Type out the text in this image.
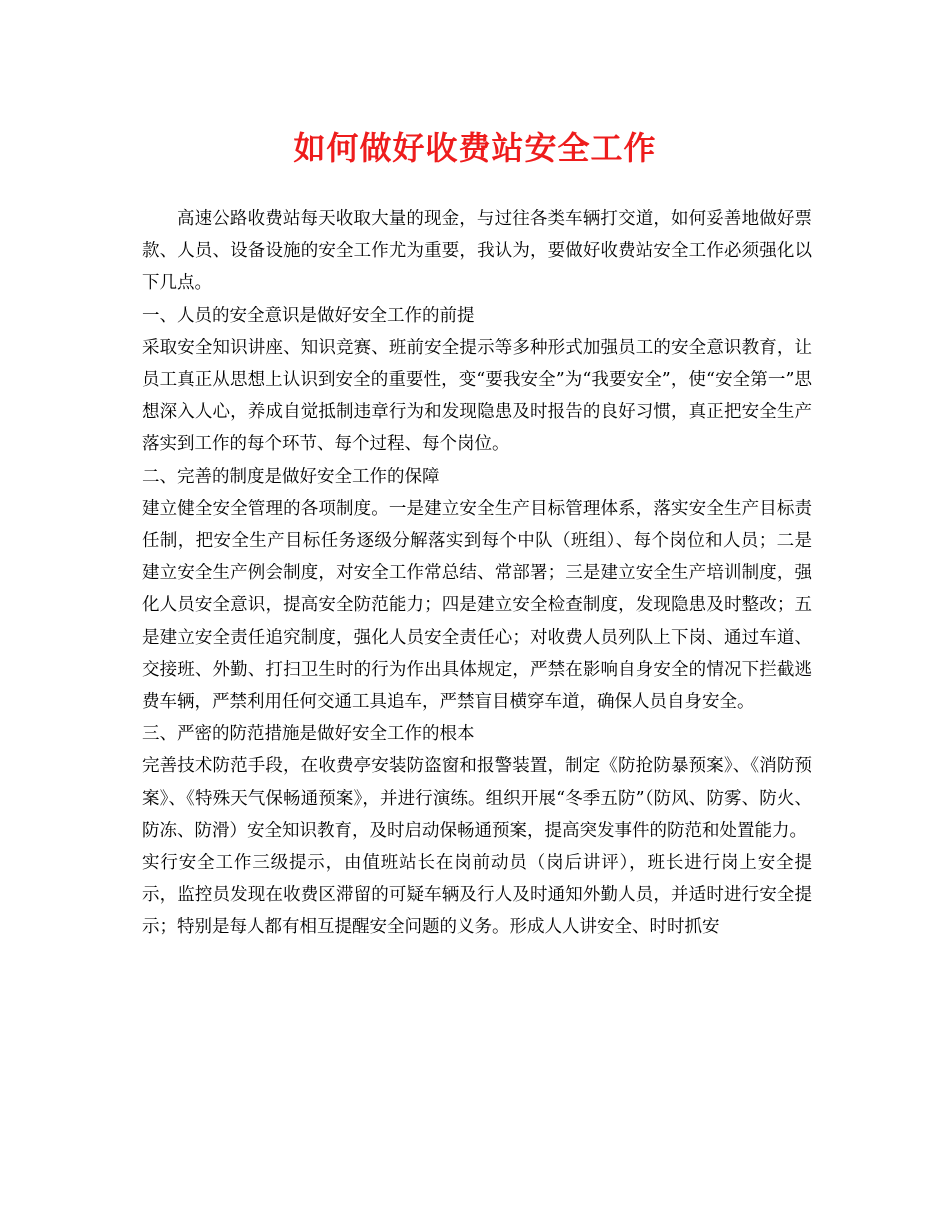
如何做好收费站安全工作

高速公路收费站每天收取大量的现金，与过往各类车辆打交道，如何妥善地做好票款、人员、设备设施的安全工作尤为重要，我认为，要做好收费站安全工作必须强化以下几点。

一、人员的安全意识是做好安全工作的前提

采取安全知识讲座、知识竞赛、班前安全提示等多种形式加强员工的安全意识教育，让员工真正从思想上认识到安全的重要性，变“要我安全”为“我要安全”，使“安全第一”思想深入人心，养成自觉抵制违章行为和发现隐患及时报告的良好习惯，真正把安全生产落实到工作的每个环节、每个过程、每个岗位。

二、完善的制度是做好安全工作的保障

建立健全安全管理的各项制度。一是建立安全生产目标管理体系，落实安全生产目标责任制，把安全生产目标任务逐级分解落实到每个中队（班组）、每个岗位和人员；二是建立安全生产例会制度，对安全工作常总结、常部署；三是建立安全生产培训制度，强化人员安全意识，提高安全防范能力；四是建立安全检查制度，发现隐患及时整改；五是建立安全责任追究制度，强化人员安全责任心；对收费人员列队上下岗、通过车道、交接班、外勤、打扫卫生时的行为作出具体规定，严禁在影响自身安全的情况下拦截逃费车辆，严禁利用任何交通工具追车，严禁盲目横穿车道，确保人员自身安全。

三、严密的防范措施是做好安全工作的根本

完善技术防范手段，在收费亭安装防盗窗和报警装置，制定《防抢防暴预案》、《消防预案》、《特殊天气保畅通预案》，并进行演练。组织开展“冬季五防”（防风、防雾、防火、防冻、防滑）安全知识教育，及时启动保畅通预案，提高突发事件的防范和处置能力。

实行安全工作三级提示，由值班站长在岗前动员（岗后讲评），班长进行岗上安全提示，监控员发现在收费区滞留的可疑车辆及行人及时通知外勤人员，并适时进行安全提示；特别是每人都有相互提醒安全问题的义务。形成人人讲安全、时时抓安
